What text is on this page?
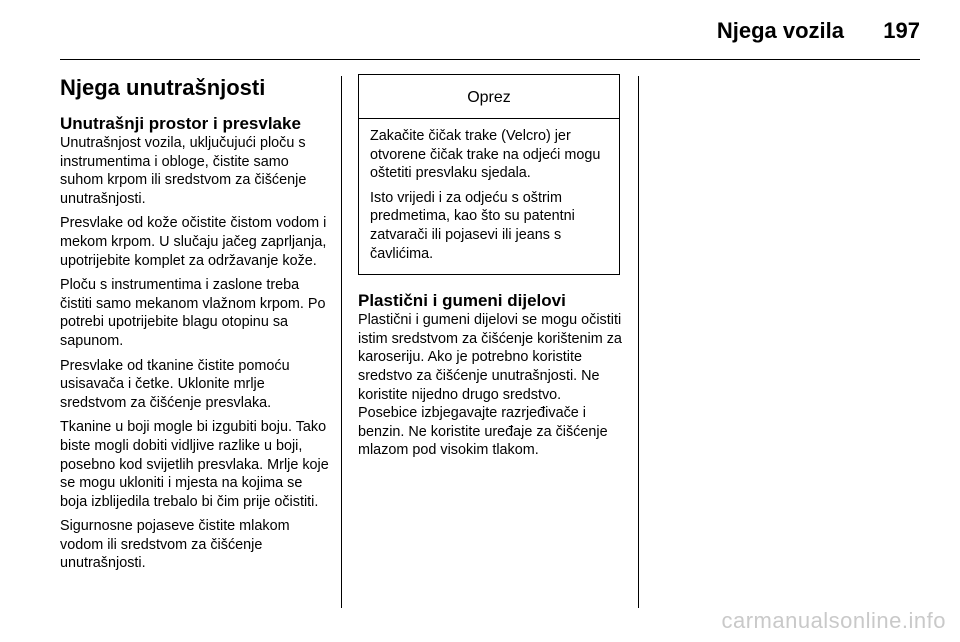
Njega vozila 197
Njega unutrašnjosti
Unutrašnji prostor i presvlake

Unutrašnjost vozila, uključujući ploču s instrumentima i obloge, čistite samo suhom krpom ili sredstvom za čišćenje unutrašnjosti.

Presvlake od kože očistite čistom vodom i mekom krpom. U slučaju jačeg zaprljanja, upotrijebite komplet za održavanje kože.

Ploču s instrumentima i zaslone treba čistiti samo mekanom vlažnom krpom. Po potrebi upotrijebite blagu otopinu sa sapunom.

Presvlake od tkanine čistite pomoću usisavača i četke. Uklonite mrlje sredstvom za čišćenje presvlaka.

Tkanine u boji mogle bi izgubiti boju. Tako biste mogli dobiti vidljive razlike u boji, posebno kod svijetlih presvlaka. Mrlje koje se mogu ukloniti i mjesta na kojima se boja izblijedila trebalo bi čim prije očistiti.

Sigurnosne pojaseve čistite mlakom vodom ili sredstvom za čišćenje unutrašnjosti.

Oprez

Zakačite čičak trake (Velcro) jer otvorene čičak trake na odjeći mogu oštetiti presvlaku sjedala.

Isto vrijedi i za odjeću s oštrim predmetima, kao što su patentni zatvarači ili pojasevi ili jeans s čavlićima.

Plastični i gumeni dijelovi

Plastični i gumeni dijelovi se mogu očistiti istim sredstvom za čišćenje korištenim za karoseriju. Ako je potrebno koristite sredstvo za čišćenje unutrašnjosti. Ne koristite nijedno drugo sredstvo. Posebice izbjegavajte razrjeđivače i benzin. Ne koristite uređaje za čišćenje mlazom pod visokim tlakom.

carmanualsonline.info
